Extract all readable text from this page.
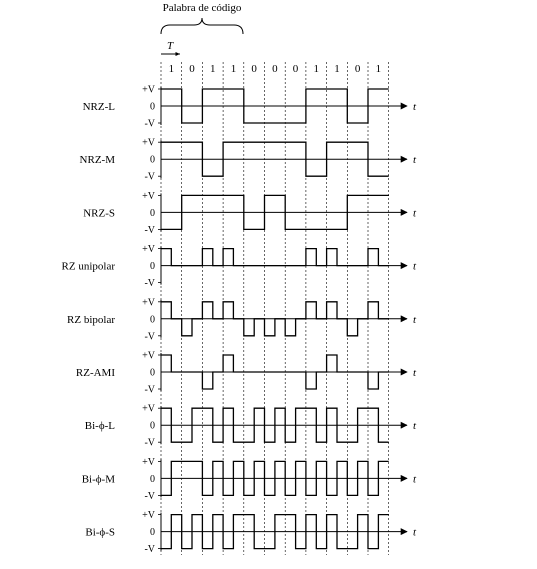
Palabra de código
T
1 0 1 1 0 0 0 1 1 0 1
NRZ-L
+V
0
-V
t
NRZ-M
+V
0
-V
t
NRZ-S
+V
0
-V
t
RZ unipolar
+V
0
-V
t
RZ bipolar
+V
0
-V
t
RZ-AMI
+V
0
-V
t
Bi-ϕ-L
+V
0
-V
t
Bi-ϕ-M
+V
0
-V
t
Bi-ϕ-S
+V
0
-V
t
